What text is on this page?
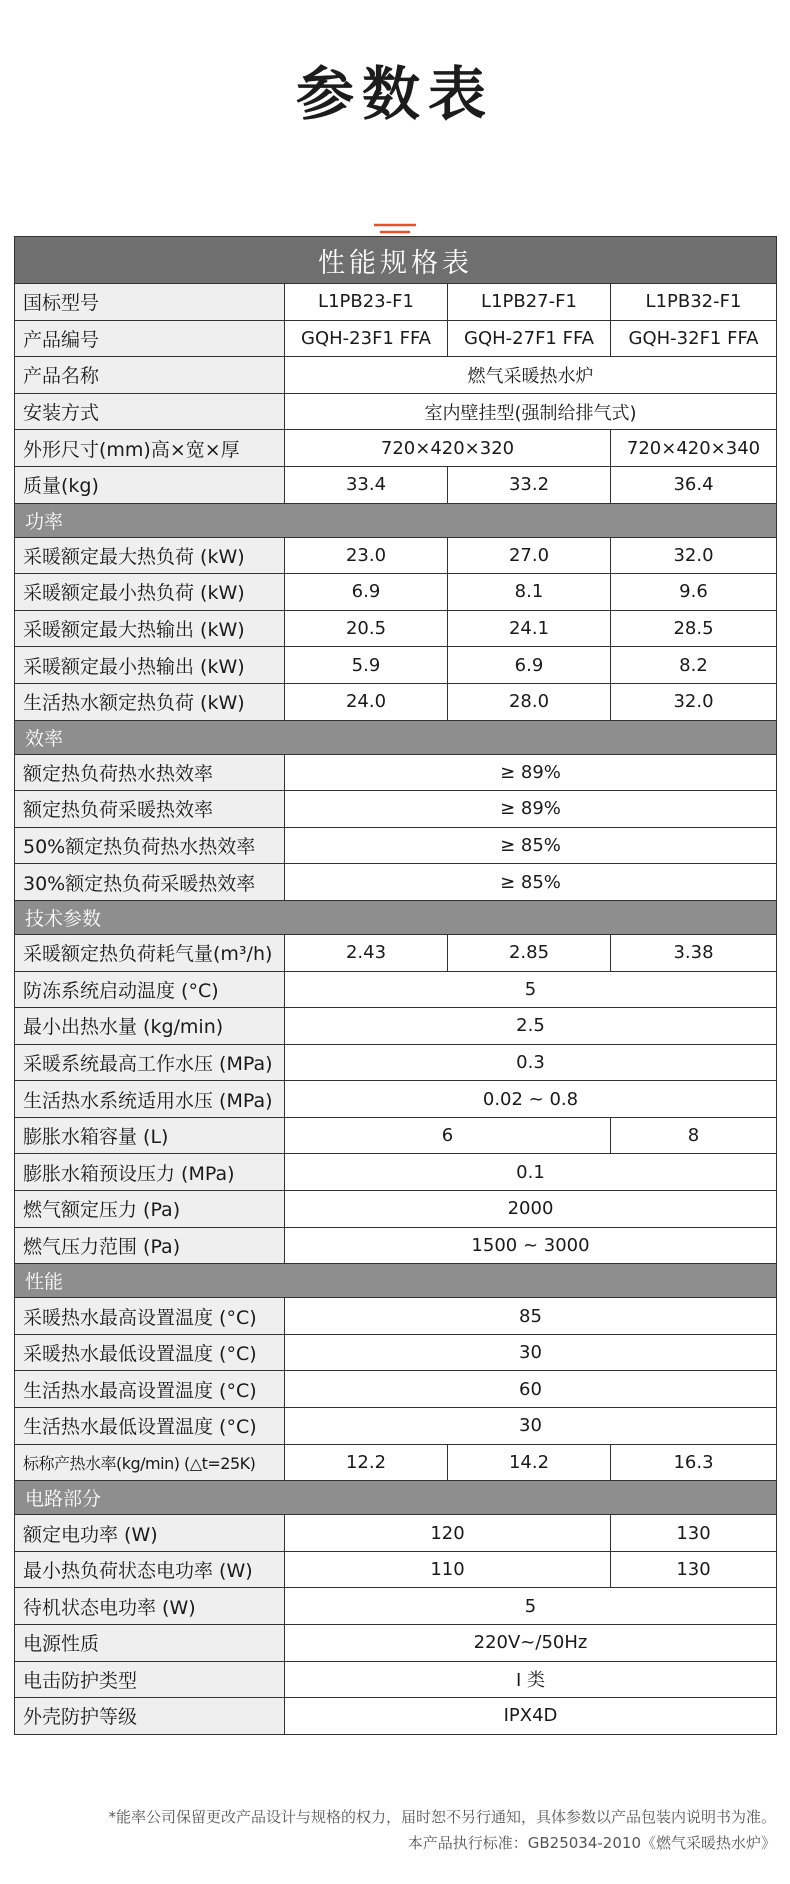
参数表
性能规格表			
国标型号	L1PB23-F1	L1PB27-F1	L1PB32-F1
产品编号	GQH-23F1 FFA	GQH-27F1 FFA	GQH-32F1 FFA
产品名称	燃气采暖热水炉		
安装方式	室内壁挂型(强制给排气式)		
外形尺寸(mm)高×宽×厚	720×420×320		720×420×340
质量(kg)	33.4	33.2	36.4
功率			
采暖额定最大热负荷 (kW)	23.0	27.0	32.0
采暖额定最小热负荷 (kW)	6.9	8.1	9.6
采暖额定最大热输出 (kW)	20.5	24.1	28.5
采暖额定最小热输出 (kW)	5.9	6.9	8.2
生活热水额定热负荷 (kW)	24.0	28.0	32.0
效率			
额定热负荷热水热效率	≥ 89%		
额定热负荷采暖热效率	≥ 89%		
50%额定热负荷热水热效率	≥ 85%		
30%额定热负荷采暖热效率	≥ 85%		
技术参数			
采暖额定热负荷耗气量(m³/h)	2.43	2.85	3.38
防冻系统启动温度 (°C)	5		
最小出热水量 (kg/min)	2.5		
采暖系统最高工作水压 (MPa)	0.3		
生活热水系统适用水压 (MPa)	0.02 ~ 0.8		
膨胀水箱容量 (L)	6		8
膨胀水箱预设压力 (MPa)	0.1		
燃气额定压力 (Pa)	2000		
燃气压力范围 (Pa)	1500 ~ 3000		
性能			
采暖热水最高设置温度 (°C)	85		
采暖热水最低设置温度 (°C)	30		
生活热水最高设置温度 (°C)	60		
生活热水最低设置温度 (°C)	30		
标称产热水率(kg/min) (△t=25K)	12.2	14.2	16.3
电路部分			
额定电功率 (W)	120		130
最小热负荷状态电功率 (W)	110		130
待机状态电功率 (W)	5		
电源性质	220V~/50Hz		
电击防护类型	I 类		
外壳防护等级	IPX4D		
*能率公司保留更改产品设计与规格的权力，届时恕不另行通知，具体参数以产品包装内说明书为准。
本产品执行标准：GB25034-2010《燃气采暖热水炉》
